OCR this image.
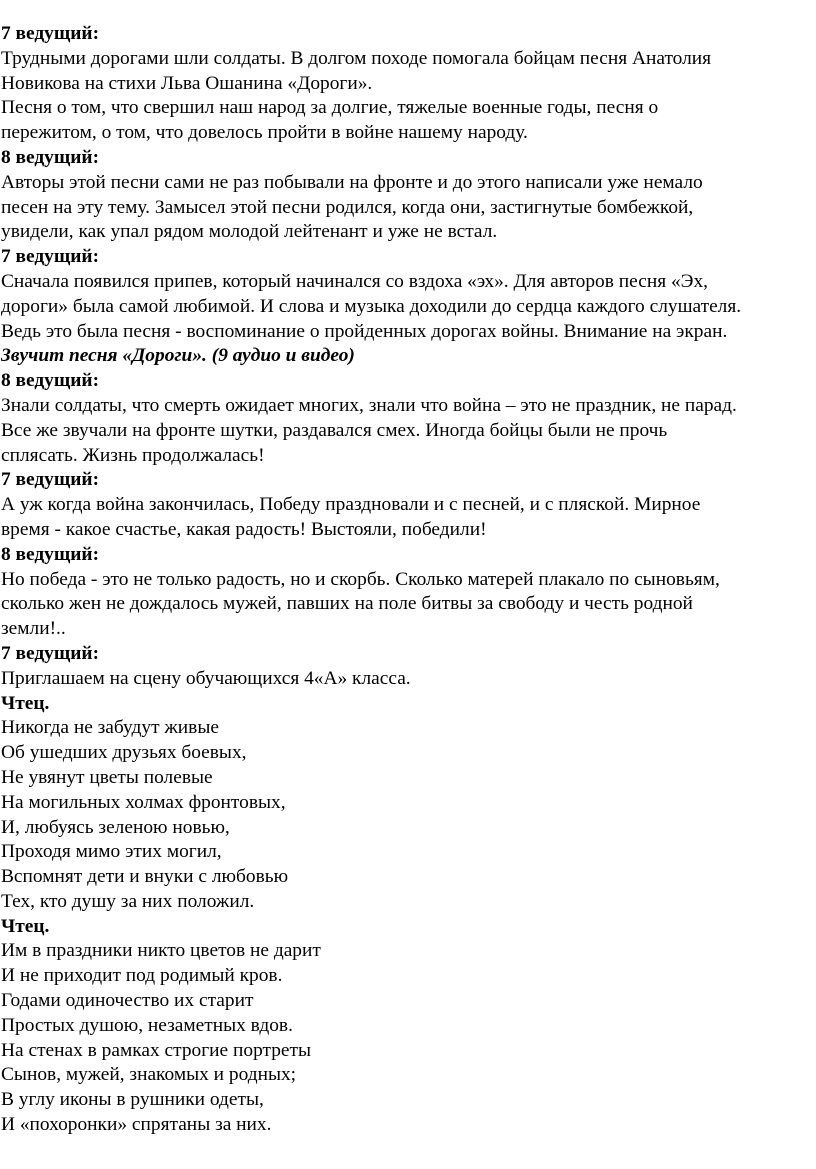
7 ведущий:
Трудными дорогами шли солдаты. В долгом походе помогала бойцам песня Анатолия
Новикова на стихи Льва Ошанина «Дороги».
Песня о том, что свершил наш народ за долгие, тяжелые военные годы, песня о
пережитом, о том, что довелось пройти в войне нашему народу.
8 ведущий:
Авторы этой песни сами не раз побывали на фронте и до этого написали уже немало
песен на эту тему. Замысел этой песни родился, когда они, застигнутые бомбежкой,
увидели, как упал рядом молодой лейтенант и уже не встал.
7 ведущий:
Сначала появился припев, который начинался со вздоха «эх». Для авторов песня «Эх,
дороги» была самой любимой. И слова и музыка доходили до сердца каждого слушателя.
Ведь это была песня - воспоминание о пройденных дорогах войны. Внимание на экран.
Звучит песня «Дороги». (9 аудио и видео)
8 ведущий:
Знали солдаты, что смерть ожидает многих, знали что война – это не праздник, не парад.
Все же звучали на фронте шутки, раздавался смех. Иногда бойцы были не прочь
сплясать. Жизнь продолжалась!
7 ведущий:
А уж когда война закончилась, Победу праздновали и с песней, и с пляской. Мирное
время - какое счастье, какая радость! Выстояли, победили!
8 ведущий:
Но победа - это не только радость, но и скорбь. Сколько матерей плакало по сыновьям,
сколько жен не дождалось мужей, павших на поле битвы за свободу и честь родной
земли!..
7 ведущий:
Приглашаем на сцену обучающихся 4«А» класса.
Чтец.
Никогда не забудут живые
Об ушедших друзьях боевых,
Не увянут цветы полевые
На могильных холмах фронтовых,
И, любуясь зеленою новью,
Проходя мимо этих могил,
Вспомнят дети и внуки с любовью
Тех, кто душу за них положил.
Чтец.
Им в праздники никто цветов не дарит
И не приходит под родимый кров.
Годами одиночество их старит
Простых душою, незаметных вдов.
На стенах в рамках строгие портреты
Сынов, мужей, знакомых и родных;
В углу иконы в рушники одеты,
И «похоронки» спрятаны за них.
